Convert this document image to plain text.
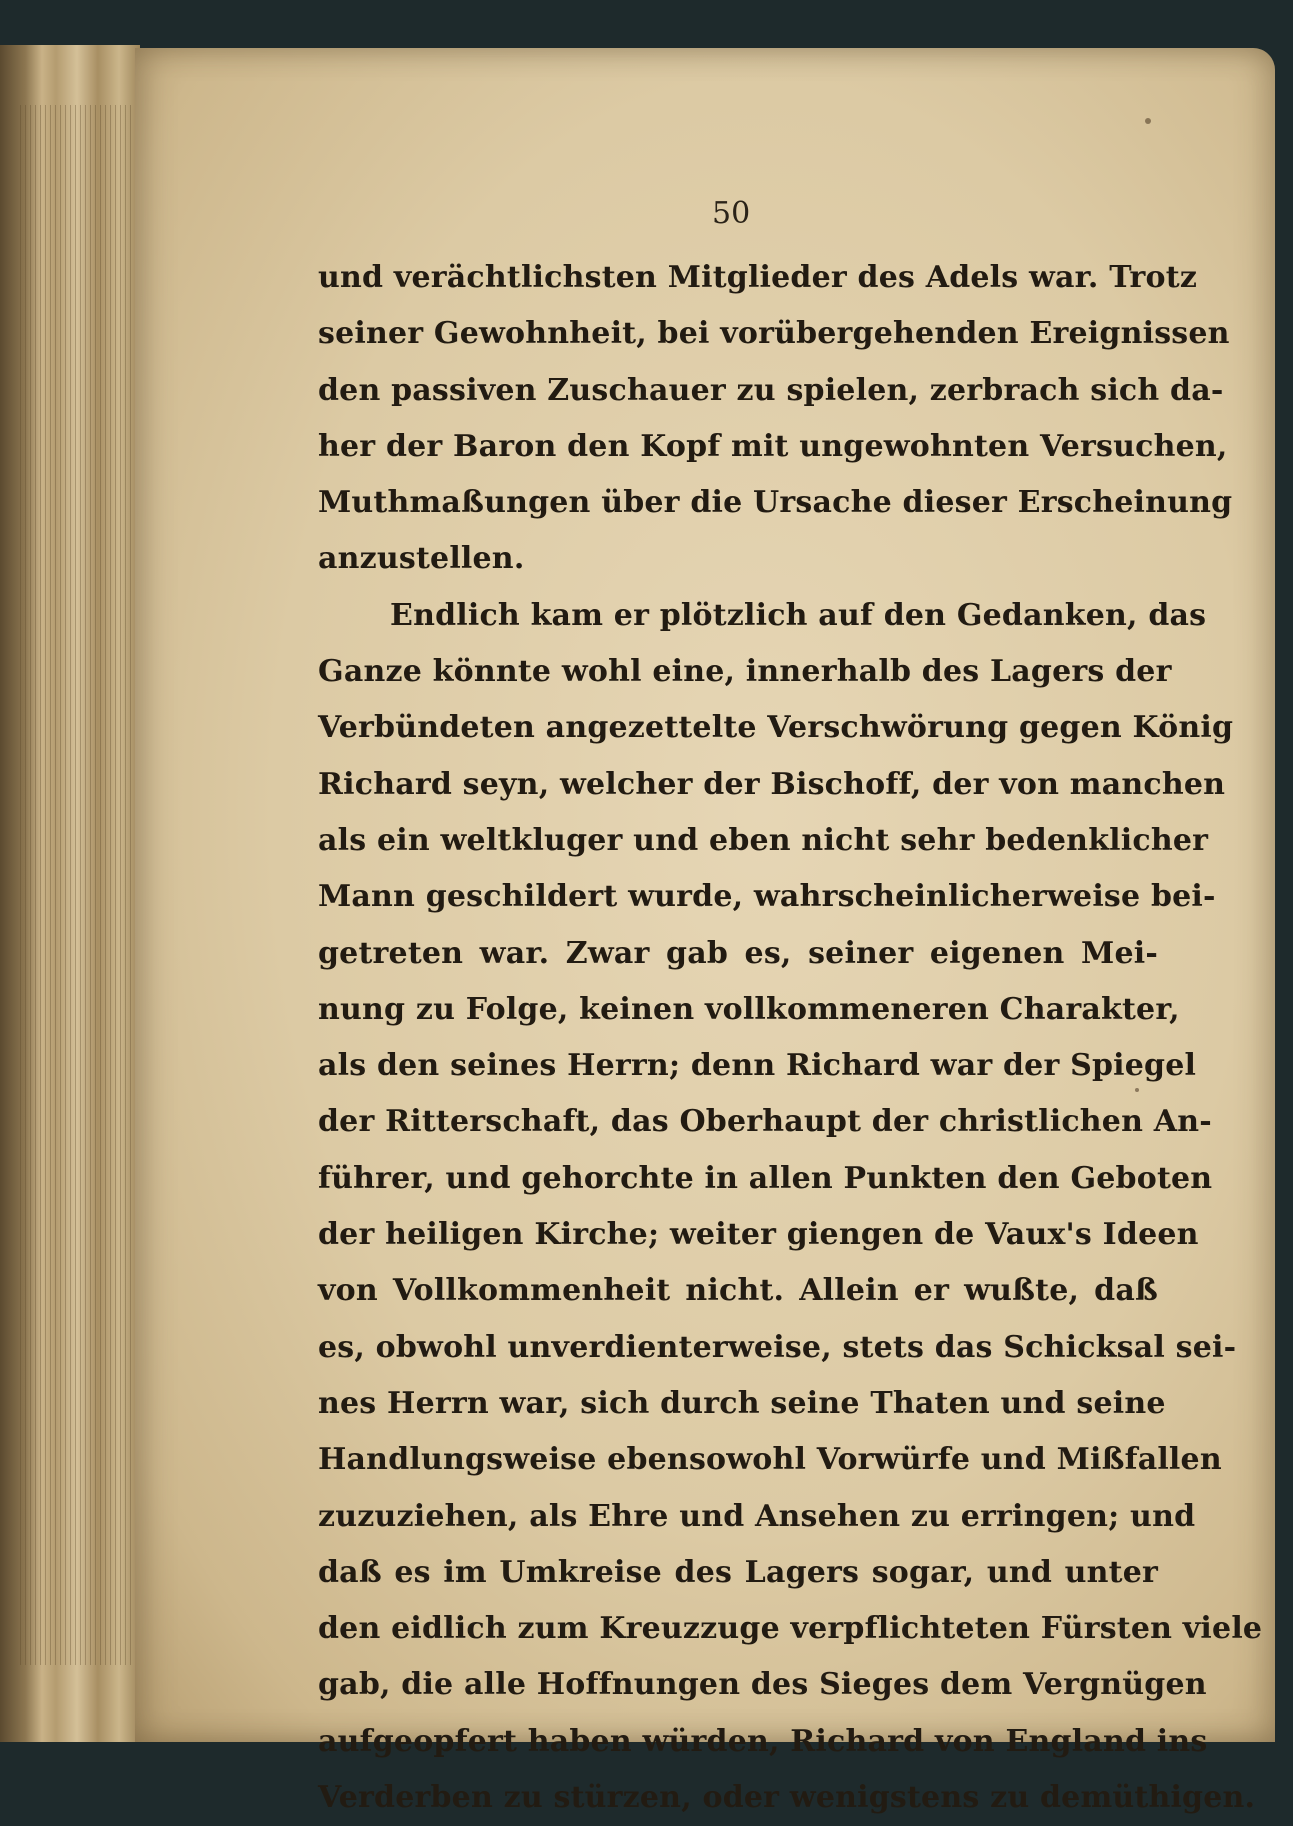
50
und verächtlichsten Mitglieder des Adels war. Trotz
seiner Gewohnheit, bei vorübergehenden Ereignissen
den passiven Zuschauer zu spielen, zerbrach sich da-
her der Baron den Kopf mit ungewohnten Versuchen,
Muthmaßungen über die Ursache dieser Erscheinung
anzustellen.
Endlich kam er plötzlich auf den Gedanken, das
Ganze könnte wohl eine, innerhalb des Lagers der
Verbündeten angezettelte Verschwörung gegen König
Richard seyn, welcher der Bischoff, der von manchen
als ein weltkluger und eben nicht sehr bedenklicher
Mann geschildert wurde, wahrscheinlicherweise bei-
getreten war. Zwar gab es, seiner eigenen Mei-
nung zu Folge, keinen vollkommeneren Charakter,
als den seines Herrn; denn Richard war der Spiegel
der Ritterschaft, das Oberhaupt der christlichen An-
führer, und gehorchte in allen Punkten den Geboten
der heiligen Kirche; weiter giengen de Vaux's Ideen
von Vollkommenheit nicht. Allein er wußte, daß
es, obwohl unverdienterweise, stets das Schicksal sei-
nes Herrn war, sich durch seine Thaten und seine
Handlungsweise ebensowohl Vorwürfe und Mißfallen
zuzuziehen, als Ehre und Ansehen zu erringen; und
daß es im Umkreise des Lagers sogar, und unter
den eidlich zum Kreuzzuge verpflichteten Fürsten viele
gab, die alle Hoffnungen des Sieges dem Vergnügen
aufgeopfert haben würden, Richard von England ins
Verderben zu stürzen, oder wenigstens zu demüthigen.
